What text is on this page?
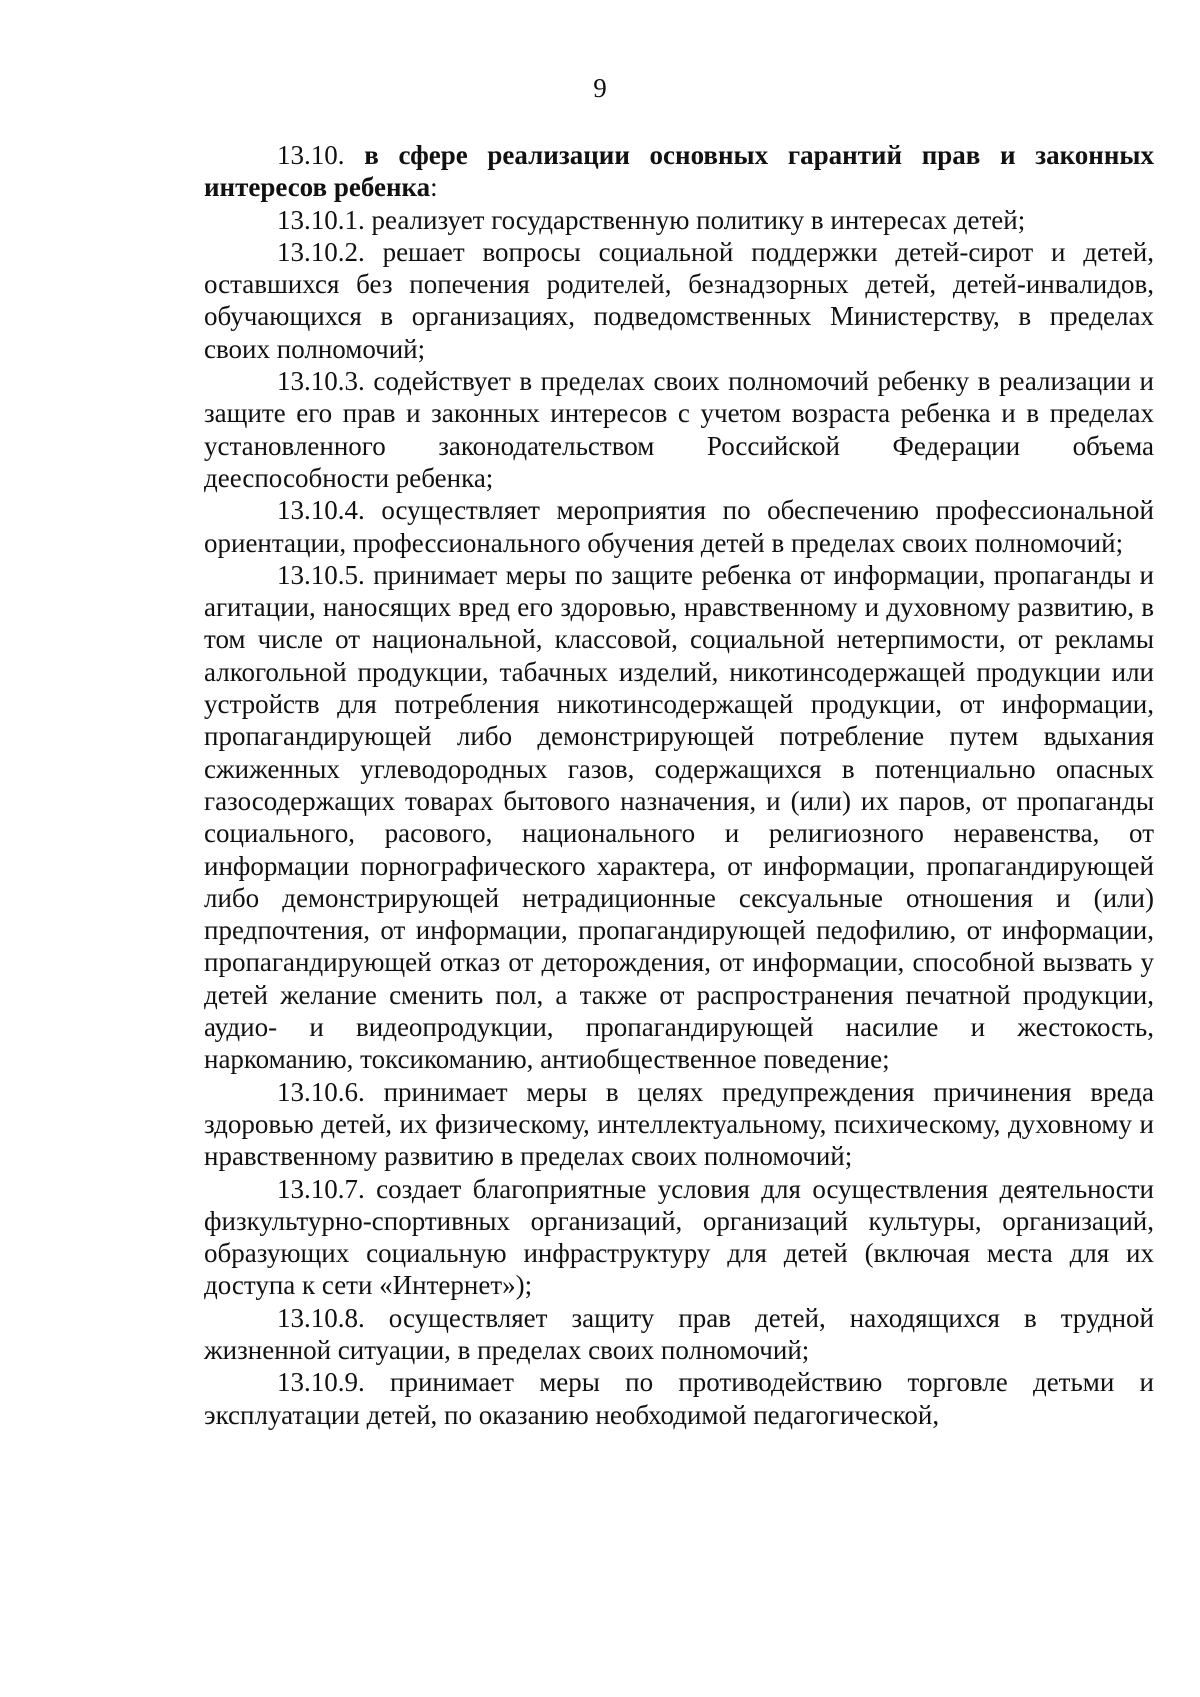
9

13.10. в сфере реализации основных гарантий прав и законных интересов ребенка:

13.10.1. реализует государственную политику в интересах детей;

13.10.2. решает вопросы социальной поддержки детей-сирот и детей, оставшихся без попечения родителей, безнадзорных детей, детей-инвалидов, обучающихся в организациях, подведомственных Министерству, в пределах своих полномочий;

13.10.3. содействует в пределах своих полномочий ребенку в реализации и защите его прав и законных интересов с учетом возраста ребенка и в пределах установленного законодательством Российской Федерации объема дееспособности ребенка;

13.10.4. осуществляет мероприятия по обеспечению профессиональной ориентации, профессионального обучения детей в пределах своих полномочий;

13.10.5. принимает меры по защите ребенка от информации, пропаганды и агитации, наносящих вред его здоровью, нравственному и духовному развитию, в том числе от национальной, классовой, социальной нетерпимости, от рекламы алкогольной продукции, табачных изделий, никотинсодержащей продукции или устройств для потребления никотинсодержащей продукции, от информации, пропагандирующей либо демонстрирующей потребление путем вдыхания сжиженных углеводородных газов, содержащихся в потенциально опасных газосодержащих товарах бытового назначения, и (или) их паров, от пропаганды социального, расового, национального и религиозного неравенства, от информации порнографического характера, от информации, пропагандирующей либо демонстрирующей нетрадиционные сексуальные отношения и (или) предпочтения, от информации, пропагандирующей педофилию, от информации, пропагандирующей отказ от деторождения, от информации, способной вызвать у детей желание сменить пол, а также от распространения печатной продукции, аудио- и видеопродукции, пропагандирующей насилие и жестокость, наркоманию, токсикоманию, антиобщественное поведение;

13.10.6. принимает меры в целях предупреждения причинения вреда здоровью детей, их физическому, интеллектуальному, психическому, духовному и нравственному развитию в пределах своих полномочий;

13.10.7. создает благоприятные условия для осуществления деятельности физкультурно-спортивных организаций, организаций культуры, организаций, образующих социальную инфраструктуру для детей (включая места для их доступа к сети «Интернет»);

13.10.8. осуществляет защиту прав детей, находящихся в трудной жизненной ситуации, в пределах своих полномочий;

13.10.9. принимает меры по противодействию торговле детьми и эксплуатации детей, по оказанию необходимой педагогической,
